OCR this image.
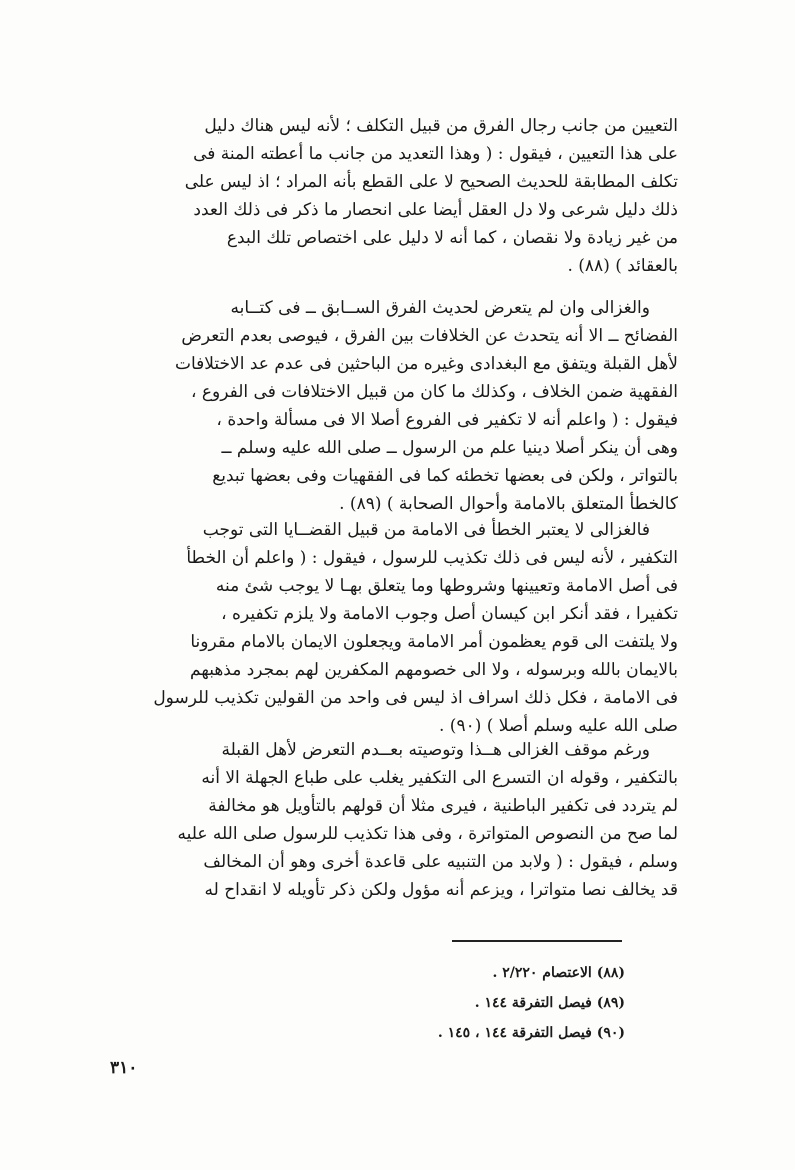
التعيين من جانب رجال الفرق من قبيل التكلف ؛ لأنه ليس هناك دليل
على هذا التعيين ، فيقول : ( وهذا التعديد من جانب ما أعطته المنة فى
تكلف المطابقة للحديث الصحيح لا على القطع بأنه المراد ؛ اذ ليس على
ذلك دليل شرعى ولا دل العقل أيضا على انحصار ما ذكر فى ذلك العدد
من غير زيادة ولا نقصان ، كما أنه لا دليل على اختصاص تلك البدع
بالعقائد ) (٨٨) .
والغزالى وان لم يتعرض لحديث الفرق الســابق ــ فى كتــابه
الفضائح ــ الا أنه يتحدث عن الخلافات بين الفرق ، فيوصى بعدم التعرض
لأهل القبلة ويتفق مع البغدادى وغيره من الباحثين فى عدم عد الاختلافات
الفقهية ضمن الخلاف ، وكذلك ما كان من قبيل الاختلافات فى الفروع ،
فيقول : ( واعلم أنه لا تكفير فى الفروع أصلا الا فى مسألة واحدة ،
وهى أن ينكر أصلا دينيا علم من الرسول ــ صلى الله عليه وسلم ــ
بالتواتر ، ولكن فى بعضها تخطئه كما فى الفقهيات وفى بعضها تبديع
كالخطأ المتعلق بالامامة وأحوال الصحابة ) (٨٩) .
فالغزالى لا يعتبر الخطأ فى الامامة من قبيل القضــايا التى توجب
التكفير ، لأنه ليس فى ذلك تكذيب للرسول ، فيقول : ( واعلم أن الخطأ
فى أصل الامامة وتعيينها وشروطها وما يتعلق بهـا لا يوجب شئ منه
تكفيرا ، فقد أنكر ابن كيسان أصل وجوب الامامة ولا يلزم تكفيره ،
ولا يلتفت الى قوم يعظمون أمر الامامة ويجعلون الايمان بالامام مقرونا
بالايمان بالله وبرسوله ، ولا الى خصومهم المكفرين لهم بمجرد مذهبهم
فى الامامة ، فكل ذلك اسراف اذ ليس فى واحد من القولين تكذيب للرسول
صلى الله عليه وسلم أصلا ) (٩٠) .
ورغم موقف الغزالى هــذا وتوصيته بعــدم التعرض لأهل القبلة
بالتكفير ، وقوله ان التسرع الى التكفير يغلب على طباع الجهلة الا أنه
لم يتردد فى تكفير الباطنية ، فيرى مثلا أن قولهم بالتأويل هو مخالفة
لما صح من النصوص المتواترة ، وفى هذا تكذيب للرسول صلى الله عليه
وسلم ، فيقول : ( ولابد من التنبيه على قاعدة أخرى وهو أن المخالف
قد يخالف نصا متواترا ، ويزعم أنه مؤول ولكن ذكر تأويله لا انقداح له
(٨٨) الاعتصام ٢/٢٢٠ .
(٨٩) فيصل التفرقة ١٤٤ .
(٩٠) فيصل التفرقة ١٤٤ ، ١٤٥ .
٣١٠
